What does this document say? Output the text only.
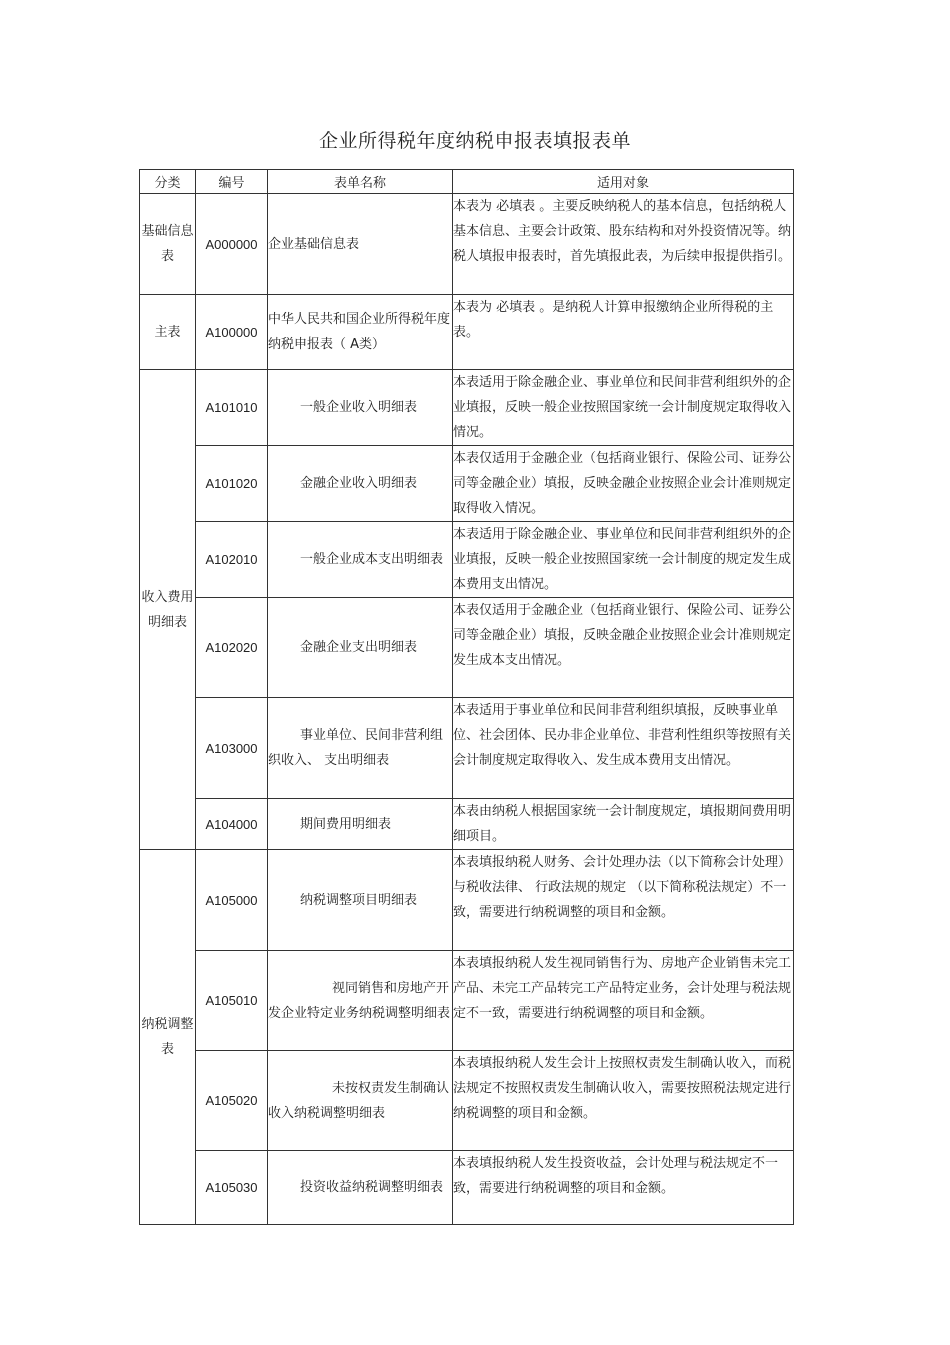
企业所得税年度纳税申报表填报表单
分类	编号	表单名称	适用对象
基础信息表	A000000	企业基础信息表	本表为 必填表 。主要反映纳税人的基本信息，包括纳税人基本信息、主要会计政策、股东结构和对外投资情况等。纳税人填报申报表时，首先填报此表，为后续申报提供指引。
主表	A100000	中华人民共和国企业所得税年度纳税申报表（ A类）	本表为 必填表 。是纳税人计算申报缴纳企业所得税的主表。
收入费用明细表	A101010	一般企业收入明细表	本表适用于除金融企业、事业单位和民间非营利组织外的企业填报，反映一般企业按照国家统一会计制度规定取得收入情况。
	A101020	金融企业收入明细表	本表仅适用于金融企业（包括商业银行、保险公司、证券公司等金融企业）填报，反映金融企业按照企业会计准则规定取得收入情况。
	A102010	一般企业成本支出明细表	本表适用于除金融企业、事业单位和民间非营利组织外的企业填报，反映一般企业按照国家统一会计制度的规定发生成本费用支出情况。
	A102020	金融企业支出明细表	本表仅适用于金融企业（包括商业银行、保险公司、证券公司等金融企业）填报，反映金融企业按照企业会计准则规定发生成本支出情况。
	A103000	事业单位、民间非营利组织收入、 支出明细表	本表适用于事业单位和民间非营利组织填报，反映事业单位、社会团体、民办非企业单位、非营利性组织等按照有关会计制度规定取得收入、发生成本费用支出情况。
	A104000	期间费用明细表	本表由纳税人根据国家统一会计制度规定，填报期间费用明细项目。
纳税调整表	A105000	纳税调整项目明细表	本表填报纳税人财务、会计处理办法（以下简称会计处理） 与税收法律、 行政法规的规定 （以下简称税法规定）不一致，需要进行纳税调整的项目和金额。
	A105010	视同销售和房地产开发企业特定业务纳税调整明细表	本表填报纳税人发生视同销售行为、房地产企业销售未完工产品、未完工产品转完工产品特定业务，会计处理与税法规定不一致，需要进行纳税调整的项目和金额。
	A105020	未按权责发生制确认收入纳税调整明细表	本表填报纳税人发生会计上按照权责发生制确认收入，而税法规定不按照权责发生制确认收入，需要按照税法规定进行纳税调整的项目和金额。
	A105030	投资收益纳税调整明细表	本表填报纳税人发生投资收益，会计处理与税法规定不一致，需要进行纳税调整的项目和金额。
